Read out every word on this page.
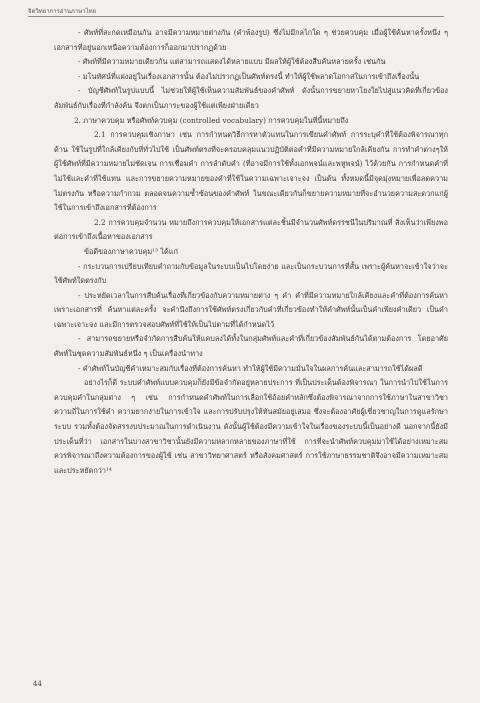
จิตวิทยาการอ่านภาษาไทย

- ศัพท์ที่สะกดเหมือนกัน อาจมีความหมายต่างกัน (คำพ้องรูป) ซึ่งไม่มีกลไกใด ๆ ช่วยควบคุม เมื่อผู้ใช้ค้นหาครั้งหนึ่ง ๆ เอกสารที่อยู่นอกเหนือความต้องการก็ออกมาปรากฏด้วย

- ศัพท์ที่มีความหมายเดียวกัน แต่สามารถแสดงได้หลายแบบ มีผลให้ผู้ใช้ต้องสืบค้นหลายครั้ง เช่นกัน

- มโนทัศน์ที่แฝงอยู่ในเรื่องเอกสารนั้น ต้องไม่ปรากฏเป็นศัพท์ตรงนี้ ทำให้ผู้ใช้พลาดโอกาสในการเข้าถึงเรื่องนั้น

- บัญชีศัพท์ในรูปแบบนี้ ไม่ช่วยให้ผู้ใช้เห็นความสัมพันธ์ของคำศัพท์ ดังนั้นการขยายหาโยงใยไปสู่แนวคิดที่เกี่ยวข้องสัมพันธ์กับเรื่องที่กำลังค้น จึงตกเป็นภาระของผู้ใช้แต่เพียงฝ่ายเดียว

2. ภาษาควบคุม หรือศัพท์ควบคุม (controlled vocabulary) การควบคุมในที่นี้หมายถึง

2.1 การควบคุมเชิงภาษา เช่น การกำหนดวิธีการหาตัวแทนในการเขียนคำศัพท์ การระบุคำที่ใช้ต้องพิจารณาทุกด้าน ใช้ในรูปที่ใกล้เคียงกับที่ทั่วไปใช้ เป็นศัพท์ตรงที่จะครอบคลุมแนวปฏิบัติต่อคำที่มีความหมายใกล้เคียงกัน การทำคำต่างๆให้ผู้ใช้ศัพท์ที่มีความหมายไม่ชัดเจน การเชื่อมคำ การลำดับคำ (ที่อาจมีการใช้ทั้งเอกพจน์และพหูพจน์) ไว้ด้วยกัน การกำหนดคำที่ไม่ใช้และคำที่ใช้แทน และการขยายความหมายของคำที่ใช้ในความเฉพาะเจาะจง เป็นต้น ทั้งหมดนี้มีจุดมุ่งหมายเพื่อลดความไม่ตรงกัน หรือความกำกวม ตลอดจนความซ้ำซ้อนของคำศัพท์ ในขณะเดียวกันก็ขยายความหมายที่จะอำนวยความสะดวกแก่ผู้ใช้ในการเข้าถึงเอกสารที่ต้องการ

2.2 การควบคุมจำนวน หมายถึงการควบคุมให้เอกสารแต่ละชิ้นมีจำนวนศัพท์ดรรชนีในปริมาณที่ สิ่งเห็นว่าเพียงพอต่อการเข้าถึงเนื้อหาของเอกสาร

ข้อดีของภาษาควบคุม¹³ ได้แก่

- กระบวนการเปรียบเทียบคำถามกับข้อมูลในระบบเป็นไปโดยง่าย และเป็นกระบวนการที่สั้น เพราะผู้ค้นหาจะเข้าใจว่าจะใช้ศัพท์ใดตรงกับ

- ประหยัดเวลาในการสืบค้นเรื่องที่เกี่ยวข้องกับความหมายต่าง ๆ คำ คำที่มีความหมายใกล้เคียงและคำที่ต้องการค้นหา เพราะเอกสารที่ ค้นหาแต่ละครั้ง จะคำนึงถึงการใช้ศัพท์ตรงเกี่ยวกับคำที่เกี่ยวข้องทำให้คำศัพท์นั้นเป็นคำเพียงคำเดียว เป็นคำเฉพาะเจาะจง และมีการตรวจสอบศัพท์ที่ใช้ให้เป็นไปตามที่ได้กำหนดไว้

- สามารถขยายหรือจำกัดการสืบค้นให้แคบลงได้ทั้งในกลุ่มศัพท์และคำที่เกี่ยวข้องสัมพันธ์กันได้ตามต้องการ โดยอาศัยศัพท์ในชุดความสัมพันธ์หนึ่ง ๆ เป็นเครื่องนำทาง

- คำศัพท์ในบัญชีคำเหมาะสมกับเรื่องที่ต้องการค้นหา ทำให้ผู้ใช้มีความมั่นใจในผลการค้นและสามารถใช้ได้ผลดี

อย่างไรก็ดี ระบบคำศัพท์แบบควบคุมก็ยังมีข้อจำกัดอยู่หลายประการ ที่เป็นประเด็นต้องพิจารณา ในการนำไปใช้ในการควบคุมคำในกลุ่มต่าง ๆ เช่น การกำหนดคำศัพท์ในการเลือกใช้ถ้อยคำหลักซึ่งต้องพิจารณาจากการใช้ภาษาในสาขาวิชา ความถี่ในการใช้คำ ความยากง่ายในการเข้าใจ และการปรับปรุงให้ทันสมัยอยู่เสมอ ซึ่งจะต้องอาศัยผู้เชี่ยวชาญในการดูแลรักษาระบบ รวมทั้งต้องจัดสรรงบประมาณในการดำเนินงาน ดังนั้นผู้ใช้ต้องมีความเข้าใจในเรื่องของระบบนี้เป็นอย่างดี นอกจากนี้ยังมีประเด็นที่ว่า เอกสารในบางสาขาวิชานั้นยังมีความหลากหลายของภาษาที่ใช้ การที่จะนำศัพท์ควบคุมมาใช้ได้อย่างเหมาะสม ควรพิจารณาถึงความต้องการของผู้ใช้ เช่น สาขาวิทยาศาสตร์ หรือสังคมศาสตร์ การใช้ภาษาธรรมชาติจึงอาจมีความเหมาะสมและประหยัดกว่า¹⁴

44
